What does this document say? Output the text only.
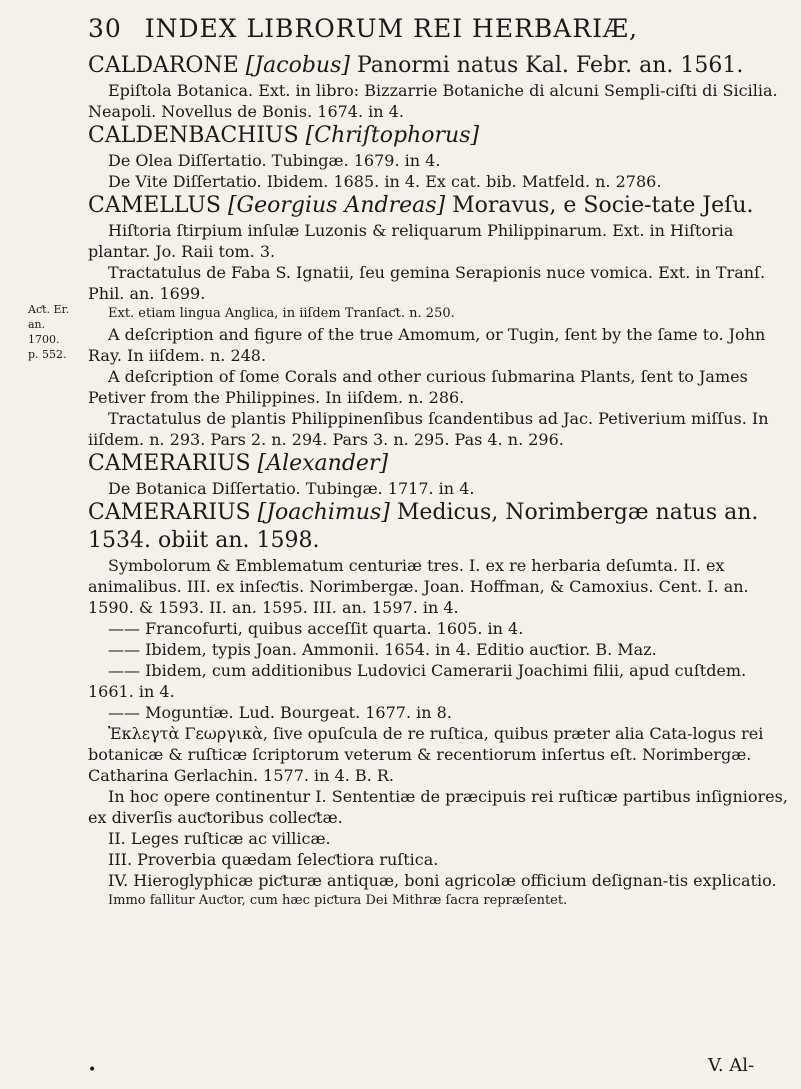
30 INDEX LIBRORUM REI HERBARIÆ,
Aƈt. Er.
an. 1700.
p. 552.

CALDARONE [Jacobus] Panormi natus Kal. Febr. an. 1561.

Epiſtola Botanica. Ext. in libro: Bizzarrie Botaniche di alcuni Sempli-ciſti di Sicilia. Neapoli. Novellus de Bonis. 1674. in 4.

CALDENBACHIUS [Chriſtophorus]

De Olea Diſſertatio. Tubingæ. 1679. in 4.

De Vite Diſſertatio. Ibidem. 1685. in 4. Ex cat. bib. Matfeld. n. 2786.

CAMELLUS [Georgius Andreas] Moravus, e Socie-tate Jeſu.

Hiſtoria ſtirpium inſulæ Luzonis & reliquarum Philippinarum. Ext. in Hiſtoria plantar. Jo. Raii tom. 3.

Tractatulus de Faba S. Ignatii, ſeu gemina Serapionis nuce vomica. Ext. in Tranſ. Phil. an. 1699.

Ext. etiam lingua Anglica, in iiſdem Tranſaƈt. n. 250.

A deſcription and figure of the true Amomum, or Tugin, ſent by the ſame to. John Ray. In iiſdem. n. 248.

A deſcription of ſome Corals and other curious ſubmarina Plants, ſent to James Petiver from the Philippines. In iiſdem. n. 286.

Tractatulus de plantis Philippinenſibus ſcandentibus ad Jac. Petiverium miſſus. In iiſdem. n. 293. Pars 2. n. 294. Pars 3. n. 295. Pas 4. n. 296.

CAMERARIUS [Alexander]

De Botanica Diſſertatio. Tubingæ. 1717. in 4.

CAMERARIUS [Joachimus] Medicus, Norimbergæ natus an. 1534. obiit an. 1598.

Symbolorum & Emblematum centuriæ tres. I. ex re herbaria deſumta. II. ex animalibus. III. ex inſeƈtis. Norimbergæ. Joan. Hoffman, & Camoxius. Cent. I. an. 1590. & 1593. II. an. 1595. III. an. 1597. in 4.

—— Francofurti, quibus acceſſit quarta. 1605. in 4.

—— Ibidem, typis Joan. Ammonii. 1654. in 4. Editio auƈtior. B. Maz.

—— Ibidem, cum additionibus Ludovici Camerarii Joachimi filii, apud cuſtdem. 1661. in 4.

—— Moguntiæ. Lud. Bourgeat. 1677. in 8.

Ἐκλεγτὰ Γεωργικὰ, ſive opuſcula de re ruſtica, quibus præter alia Cata-logus rei botanicæ & ruſticæ ſcriptorum veterum & recentiorum inſertus eſt. Norimbergæ. Catharina Gerlachin. 1577. in 4. B. R.

In hoc opere continentur I. Sententiæ de præcipuis rei ruſticæ partibus inſigniores, ex diverſis auƈtoribus colleƈtæ.

II. Leges ruſticæ ac villicæ.

III. Proverbia quædam ſeleƈtiora ruſtica.

IV. Hieroglyphicæ piƈturæ antiquæ, boni agricolæ officium deſignan-tis explicatio.

Immo fallitur Auƈtor, cum hæc piƈtura Dei Mithræ ſacra repræſentet.

•	V. Al-
